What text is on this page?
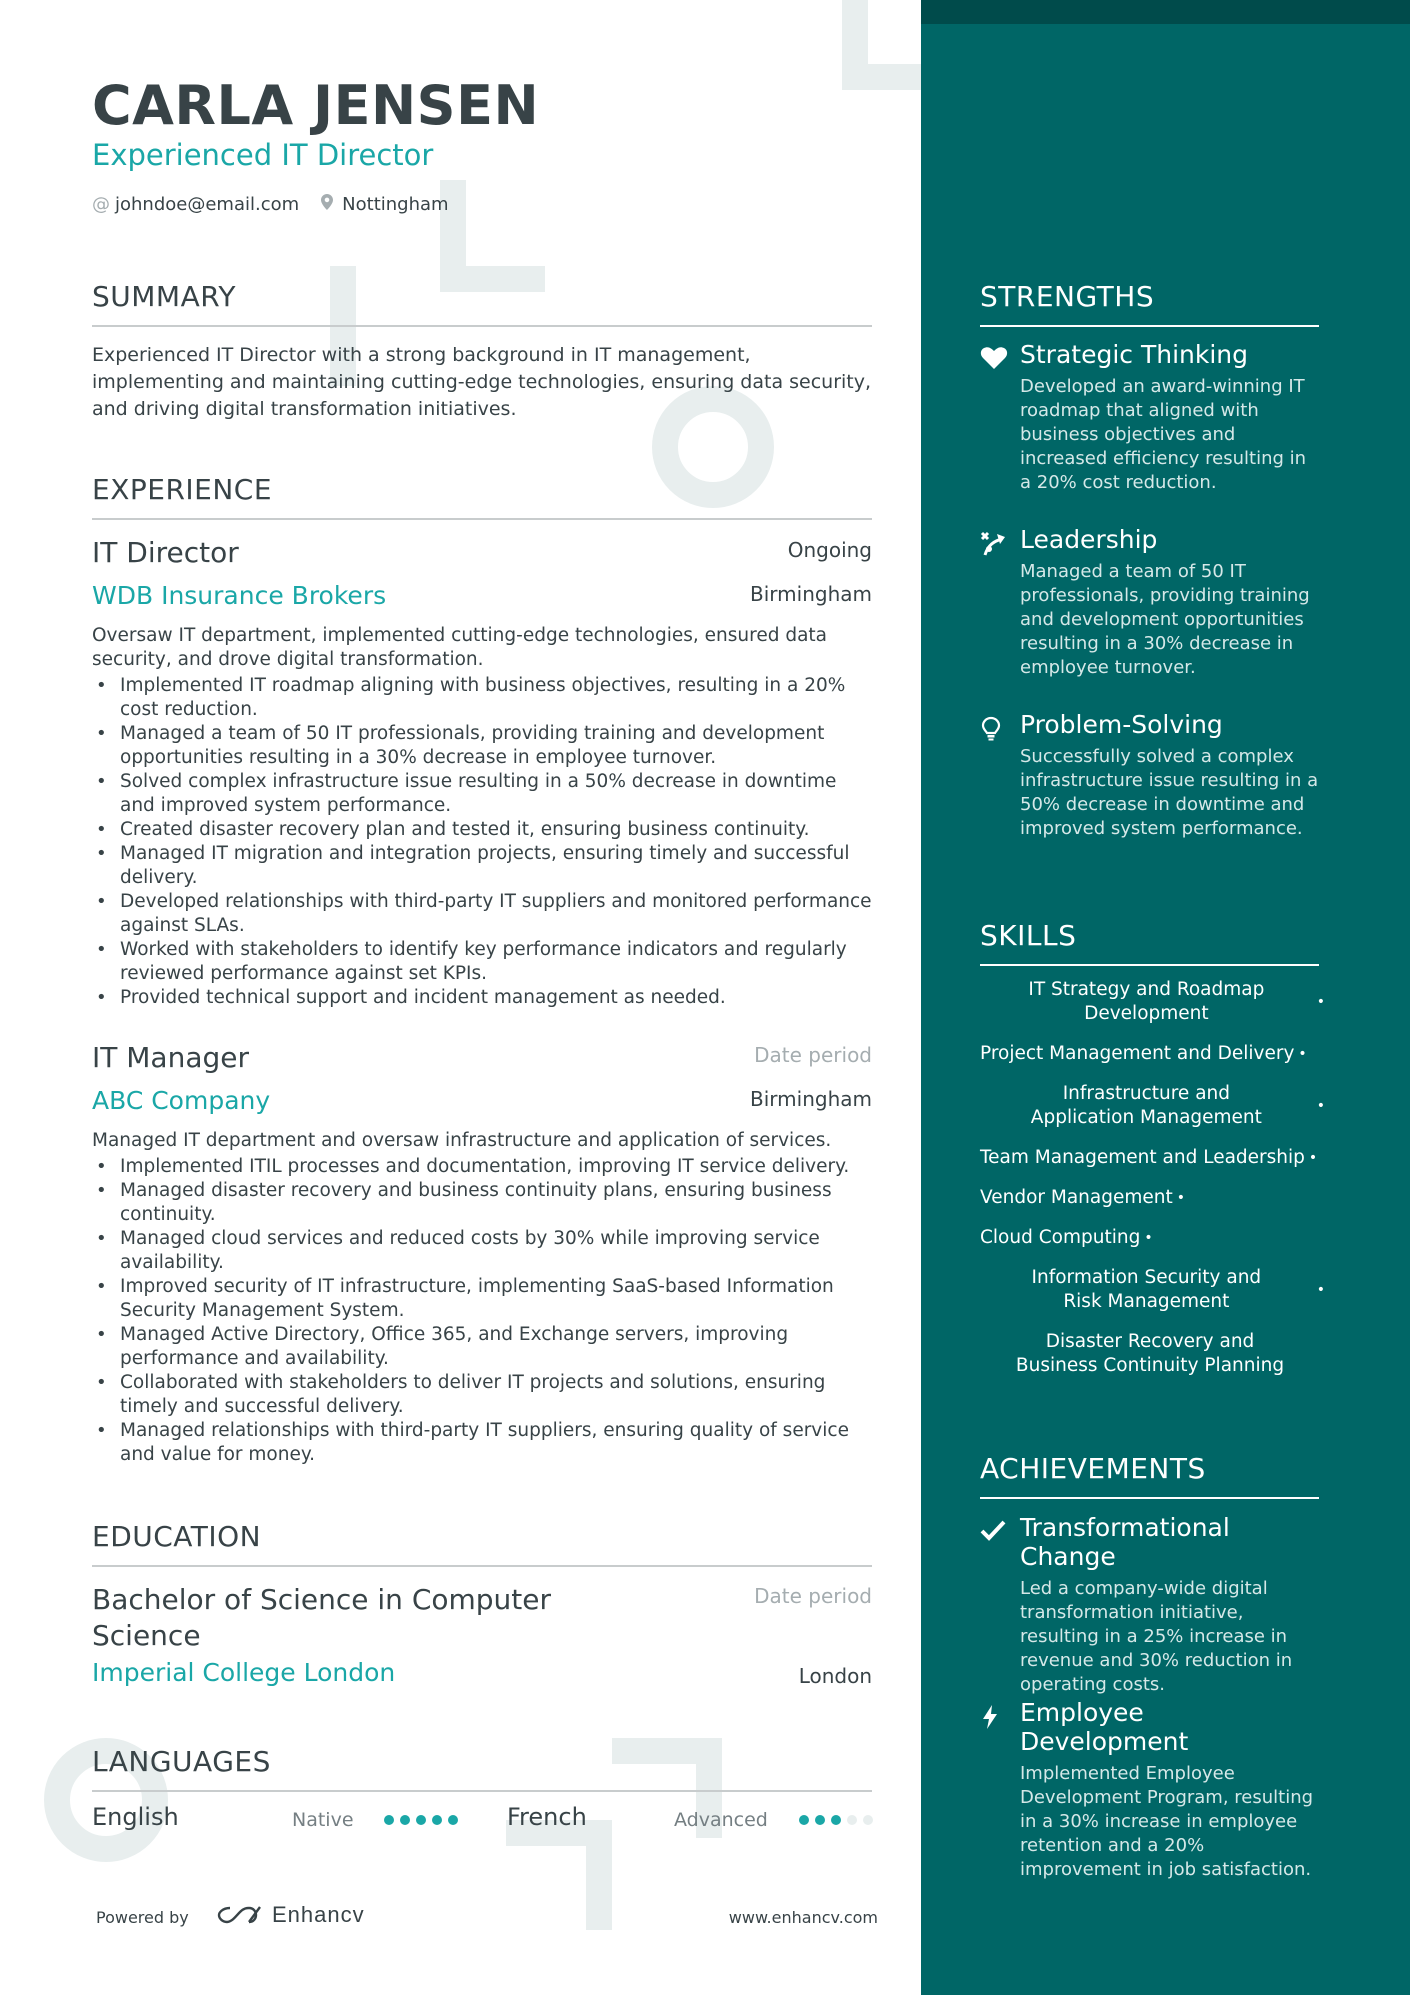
CARLA JENSEN
Experienced IT Director
@ johndoe@email.com Nottingham
SUMMARY
Experienced IT Director with a strong background in IT management, implementing and maintaining cutting-edge technologies, ensuring data security, and driving digital transformation initiatives.
EXPERIENCE
IT Director	Ongoing
WDB Insurance Brokers	Birmingham
Oversaw IT department, implemented cutting-edge technologies, ensured data security, and drove digital transformation.
• Implemented IT roadmap aligning with business objectives, resulting in a 20% cost reduction.
• Managed a team of 50 IT professionals, providing training and development opportunities resulting in a 30% decrease in employee turnover.
• Solved complex infrastructure issue resulting in a 50% decrease in downtime and improved system performance.
• Created disaster recovery plan and tested it, ensuring business continuity.
• Managed IT migration and integration projects, ensuring timely and successful delivery.
• Developed relationships with third-party IT suppliers and monitored performance against SLAs.
• Worked with stakeholders to identify key performance indicators and regularly reviewed performance against set KPIs.
• Provided technical support and incident management as needed.
IT Manager	Date period
ABC Company	Birmingham
Managed IT department and oversaw infrastructure and application of services.
• Implemented ITIL processes and documentation, improving IT service delivery.
• Managed disaster recovery and business continuity plans, ensuring business continuity.
• Managed cloud services and reduced costs by 30% while improving service availability.
• Improved security of IT infrastructure, implementing SaaS-based Information Security Management System.
• Managed Active Directory, Office 365, and Exchange servers, improving performance and availability.
• Collaborated with stakeholders to deliver IT projects and solutions, ensuring timely and successful delivery.
• Managed relationships with third-party IT suppliers, ensuring quality of service and value for money.
EDUCATION
Bachelor of Science in Computer Science
Date period
Imperial College London	London
LANGUAGES
English	Native	French	Advanced
Powered by	Enhancv	www.enhancv.com
STRENGTHS
Strategic Thinking
Developed an award-winning IT roadmap that aligned with business objectives and increased efficiency resulting in a 20% cost reduction.
Leadership
Managed a team of 50 IT professionals, providing training and development opportunities resulting in a 30% decrease in employee turnover.
Problem-Solving
Successfully solved a complex infrastructure issue resulting in a 50% decrease in downtime and improved system performance.
SKILLS
IT Strategy and Roadmap Development
•
Project Management and Delivery •
Infrastructure and Application Management
•
Team Management and Leadership •
Vendor Management •
Cloud Computing •
Information Security and Risk Management
•
Disaster Recovery and Business Continuity Planning
ACHIEVEMENTS
Transformational Change
Led a company-wide digital transformation initiative, resulting in a 25% increase in revenue and 30% reduction in operating costs.
Employee Development
Implemented Employee Development Program, resulting in a 30% increase in employee retention and a 20% improvement in job satisfaction.
